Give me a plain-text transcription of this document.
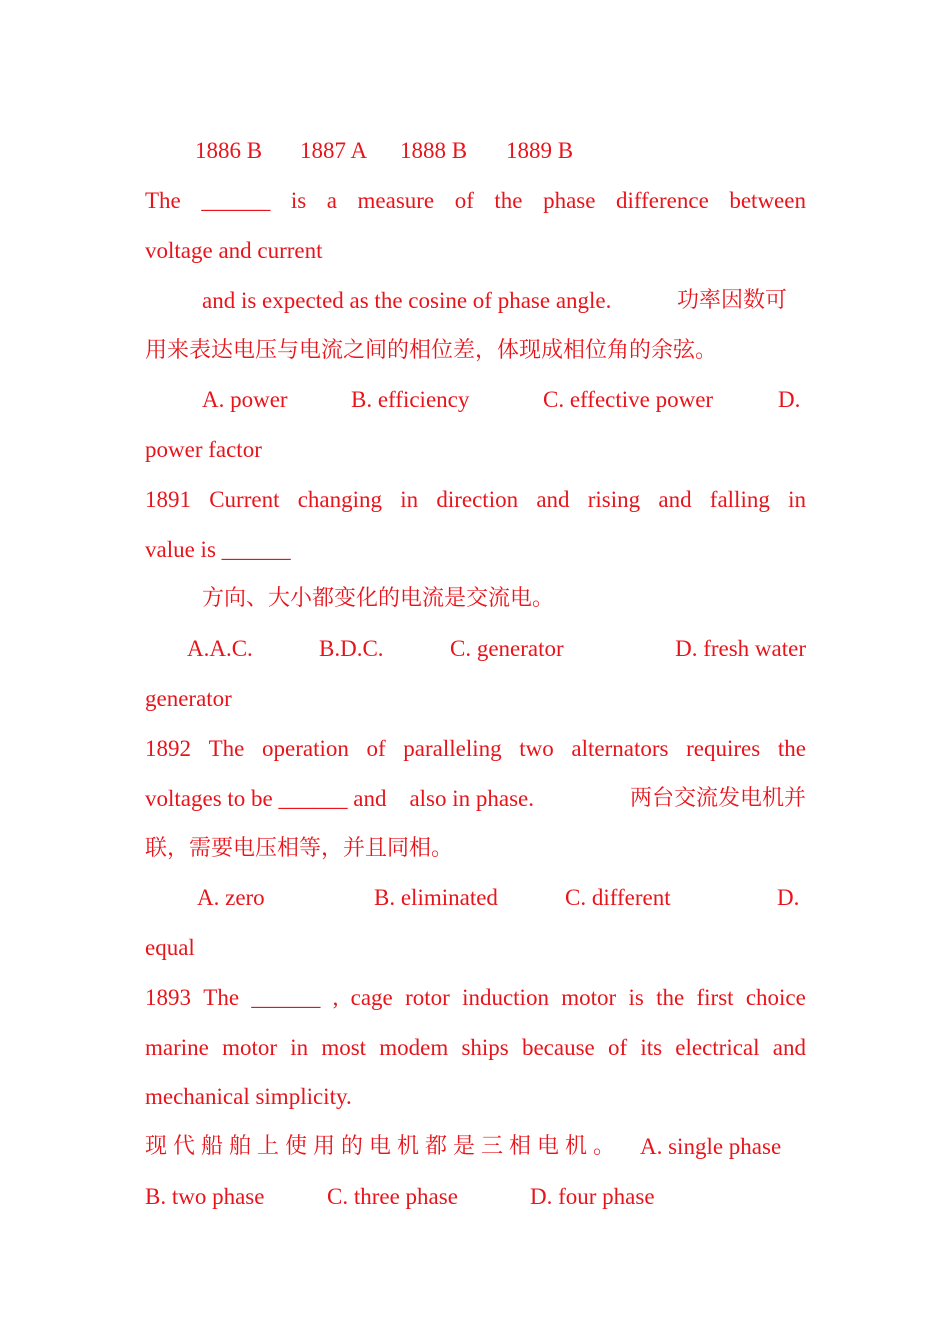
1886 B 1887 A 1888 B 1889 B
The ______ is a measure of the phase difference between
voltage and current
and is expected as the cosine of phase angle.	功率因数可
用来表达电压与电流之间的相位差，体现成相位角的余弦。
A. power	B. efficiency	C. effective power	D.
power factor
1891 Current changing in direction and rising and falling in
value is ______
方向、大小都变化的电流是交流电。
A.A.C.	B.D.C.	C. generator	D. fresh water
generator
1892 The operation of paralleling two alternators requires the
voltages to be ______ and    also in phase.	两台交流发电机并
联，需要电压相等，并且同相。
A. zero	B. eliminated	C. different	D.
equal
1893 The ______ , cage rotor induction motor is the first choice
marine motor in most modem ships because of its electrical and
mechanical simplicity.
现代船舶上使用的电机都是三相电机。 A. single phase
B. two phase	C. three phase	D. four phase
